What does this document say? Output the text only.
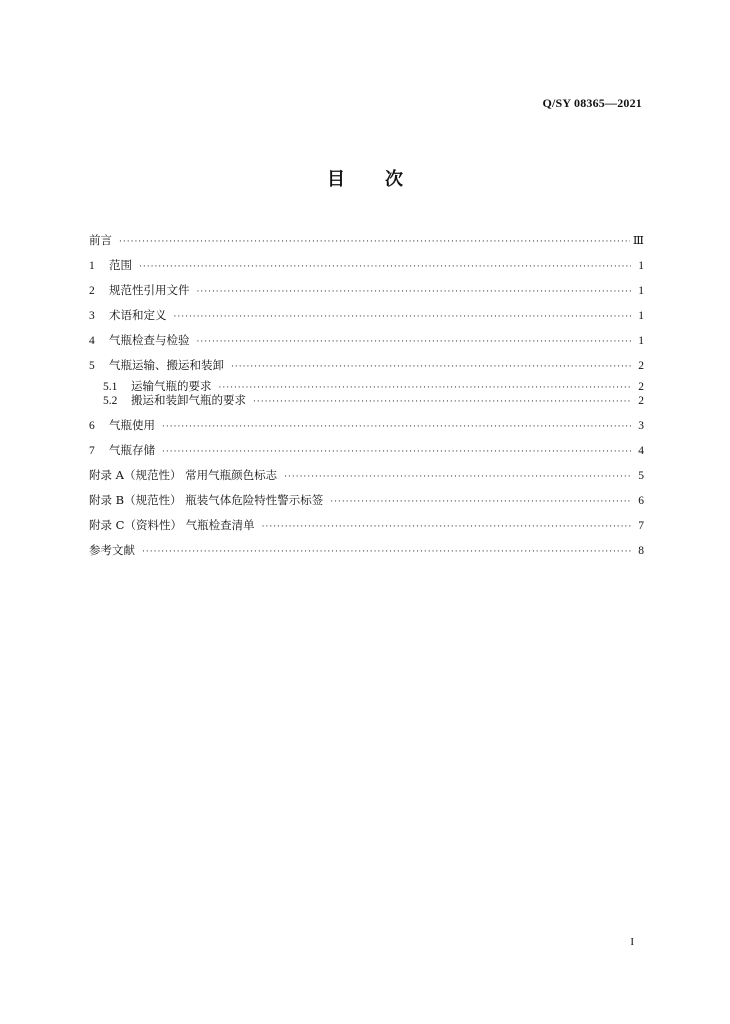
Q/SY 08365—2021
目次
前言 ·····	Ⅲ
1	范围 ·····	1
2	规范性引用文件 ·····	1
3	术语和定义 ·····	1
4	气瓶检查与检验 ·····	1
5	气瓶运输、搬运和装卸 ·····	2
5.1	运输气瓶的要求 ·····	2
5.2	搬运和装卸气瓶的要求 ·····	2
6	气瓶使用 ·····	3
7	气瓶存储 ·····	4
附录 A（规范性） 常用气瓶颜色标志 ·····	5
附录 B（规范性） 瓶装气体危险特性警示标签 ·····	6
附录 C（资料性） 气瓶检查清单 ·····	7
参考文献 ·····	8
I
